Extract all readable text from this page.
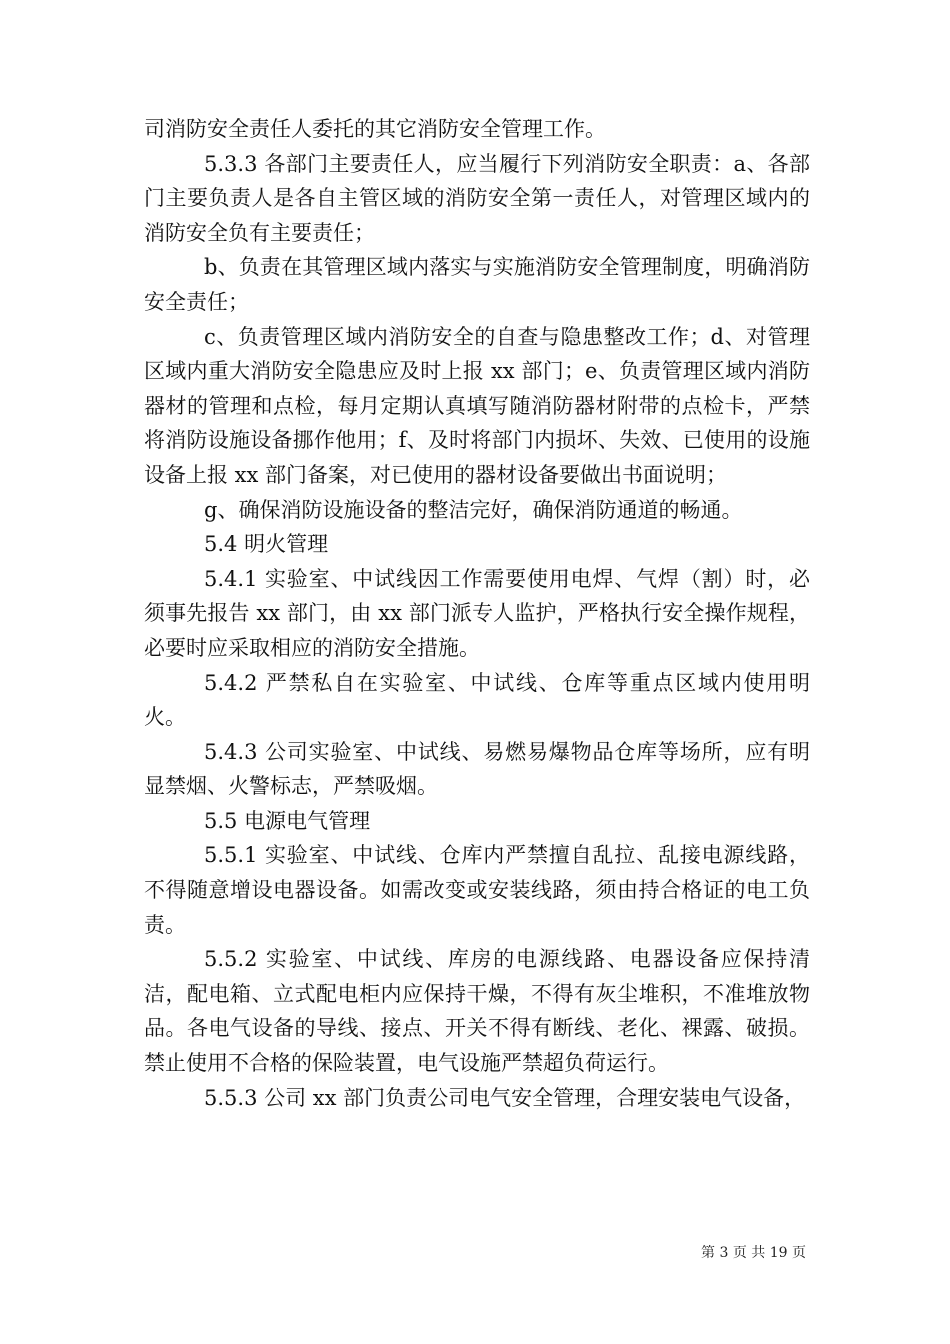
司消防安全责任人委托的其它消防安全管理工作。

5.3.3 各部门主要责任人，应当履行下列消防安全职责：a、各部门主要负责人是各自主管区域的消防安全第一责任人，对管理区域内的消防安全负有主要责任；

b、负责在其管理区域内落实与实施消防安全管理制度，明确消防安全责任；

c、负责管理区域内消防安全的自查与隐患整改工作；d、对管理区域内重大消防安全隐患应及时上报 xx 部门；e、负责管理区域内消防器材的管理和点检，每月定期认真填写随消防器材附带的点检卡，严禁将消防设施设备挪作他用；f、及时将部门内损坏、失效、已使用的设施设备上报 xx 部门备案，对已使用的器材设备要做出书面说明；

g、确保消防设施设备的整洁完好，确保消防通道的畅通。

5.4 明火管理

5.4.1 实验室、中试线因工作需要使用电焊、气焊（割）时，必须事先报告 xx 部门，由 xx 部门派专人监护，严格执行安全操作规程，必要时应采取相应的消防安全措施。

5.4.2 严禁私自在实验室、中试线、仓库等重点区域内使用明火。

5.4.3 公司实验室、中试线、易燃易爆物品仓库等场所，应有明显禁烟、火警标志，严禁吸烟。

5.5 电源电气管理

5.5.1 实验室、中试线、仓库内严禁擅自乱拉、乱接电源线路，不得随意增设电器设备。如需改变或安装线路，须由持合格证的电工负责。

5.5.2 实验室、中试线、库房的电源线路、电器设备应保持清洁，配电箱、立式配电柜内应保持干燥，不得有灰尘堆积，不准堆放物品。各电气设备的导线、接点、开关不得有断线、老化、裸露、破损。禁止使用不合格的保险装置，电气设施严禁超负荷运行。

5.5.3 公司 xx 部门负责公司电气安全管理，合理安装电气设备，

第 3 页 共 19 页
